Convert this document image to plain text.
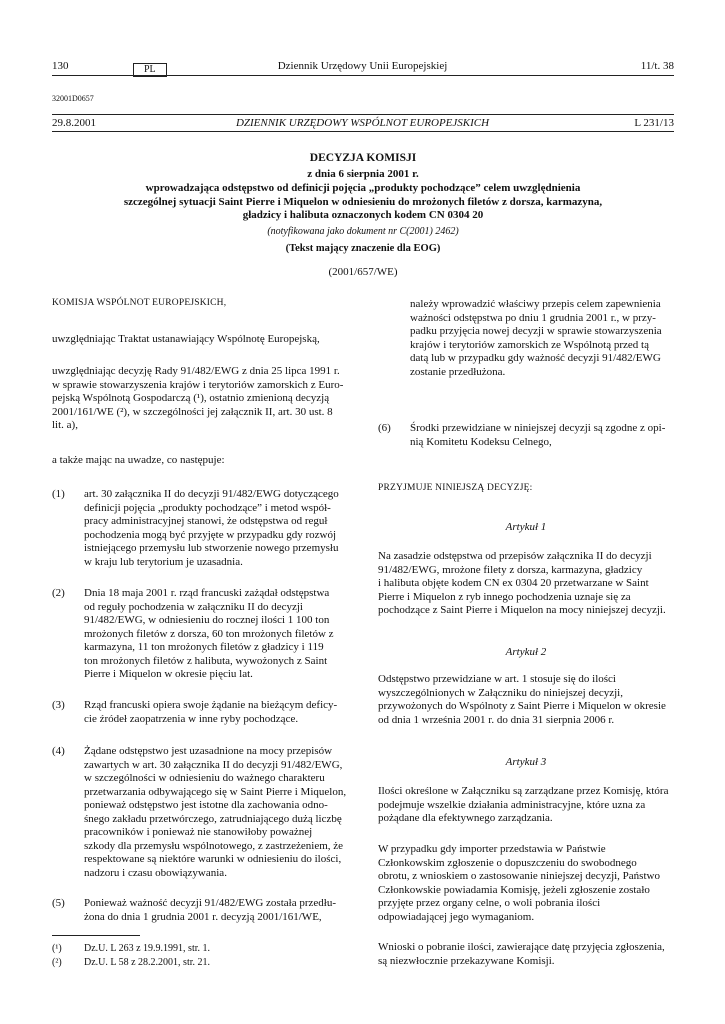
130	PL	Dziennik Urzędowy Unii Europejskiej	11/t. 38
32001D0657
29.8.2001	DZIENNIK URZĘDOWY WSPÓLNOT EUROPEJSKICH	L 231/13
DECYZJA KOMISJI
z dnia 6 sierpnia 2001 r.
wprowadzająca odstępstwo od definicji pojęcia „produkty pochodzące” celem uwzględnienia
szczególnej sytuacji Saint Pierre i Miquelon w odniesieniu do mrożonych filetów z dorsza, karmazyna,
gładzicy i halibuta oznaczonych kodem CN 0304 20
(notyfikowana jako dokument nr C(2001) 2462)
(Tekst mający znaczenie dla EOG)
(2001/657/WE)
KOMISJA WSPÓLNOT EUROPEJSKICH,
uwzględniając Traktat ustanawiający Wspólnotę Europejską,
uwzględniając decyzję Rady 91/482/EWG z dnia 25 lipca 1991 r.
w sprawie stowarzyszenia krajów i terytoriów zamorskich z Euro-
pejską Wspólnotą Gospodarczą (¹), ostatnio zmienioną decyzją
2001/161/WE (²), w szczególności jej załącznik II, art. 30 ust. 8
lit. a),
a także mając na uwadze, co następuje:
(1) art. 30 załącznika II do decyzji 91/482/EWG dotyczącego
definicji pojęcia „produkty pochodzące” i metod współ-
pracy administracyjnej stanowi, że odstępstwa od reguł
pochodzenia mogą być przyjęte w przypadku gdy rozwój
istniejącego przemysłu lub stworzenie nowego przemysłu
w kraju lub terytorium je uzasadnia.
(2) Dnia 18 maja 2001 r. rząd francuski zażądał odstępstwa
od reguły pochodzenia w załączniku II do decyzji
91/482/EWG, w odniesieniu do rocznej ilości 1 100 ton
mrożonych filetów z dorsza, 60 ton mrożonych filetów z
karmazyna, 11 ton mrożonych filetów z gładzicy i 119
ton mrożonych filetów z halibuta, wywożonych z Saint
Pierre i Miquelon w okresie pięciu lat.
(3) Rząd francuski opiera swoje żądanie na bieżącym deficy-
cie źródeł zaopatrzenia w inne ryby pochodzące.
(4) Żądane odstępstwo jest uzasadnione na mocy przepisów
zawartych w art. 30 załącznika II do decyzji 91/482/EWG,
w szczególności w odniesieniu do ważnego charakteru
przetwarzania odbywającego się w Saint Pierre i Miquelon,
ponieważ odstępstwo jest istotne dla zachowania odno-
śnego zakładu przetwórczego, zatrudniającego dużą liczbę
pracowników i ponieważ nie stanowiłoby poważnej
szkody dla przemysłu wspólnotowego, z zastrzeżeniem, że
respektowane są niektóre warunki w odniesieniu do ilości,
nadzoru i czasu obowiązywania.
(5) Ponieważ ważność decyzji 91/482/EWG została przedłu-
żona do dnia 1 grudnia 2001 r. decyzją 2001/161/WE,
(¹) Dz.U. L 263 z 19.9.1991, str. 1.
(²) Dz.U. L 58 z 28.2.2001, str. 21.
należy wprowadzić właściwy przepis celem zapewnienia
ważności odstępstwa po dniu 1 grudnia 2001 r., w przy-
padku przyjęcia nowej decyzji w sprawie stowarzyszenia
krajów i terytoriów zamorskich ze Wspólnotą przed tą
datą lub w przypadku gdy ważność decyzji 91/482/EWG
zostanie przedłużona.
(6) Środki przewidziane w niniejszej decyzji są zgodne z opi-
nią Komitetu Kodeksu Celnego,
PRZYJMUJE NINIEJSZĄ DECYZJĘ:
Artykuł 1
Na zasadzie odstępstwa od przepisów załącznika II do decyzji
91/482/EWG, mrożone filety z dorsza, karmazyna, gładzicy
i halibuta objęte kodem CN ex 0304 20 przetwarzane w Saint
Pierre i Miquelon z ryb innego pochodzenia uznaje się za
pochodzące z Saint Pierre i Miquelon na mocy niniejszej decyzji.
Artykuł 2
Odstępstwo przewidziane w art. 1 stosuje się do ilości
wyszczególnionych w Załączniku do niniejszej decyzji,
przywożonych do Wspólnoty z Saint Pierre i Miquelon w okresie
od dnia 1 września 2001 r. do dnia 31 sierpnia 2006 r.
Artykuł 3
Ilości określone w Załączniku są zarządzane przez Komisję, która
podejmuje wszelkie działania administracyjne, które uzna za
pożądane dla efektywnego zarządzania.
W przypadku gdy importer przedstawia w Państwie
Członkowskim zgłoszenie o dopuszczeniu do swobodnego
obrotu, z wnioskiem o zastosowanie niniejszej decyzji, Państwo
Członkowskie powiadamia Komisję, jeżeli zgłoszenie zostało
przyjęte przez organy celne, o woli pobrania ilości
odpowiadającej jego wymaganiom.
Wnioski o pobranie ilości, zawierające datę przyjęcia zgłoszenia,
są niezwłocznie przekazywane Komisji.
